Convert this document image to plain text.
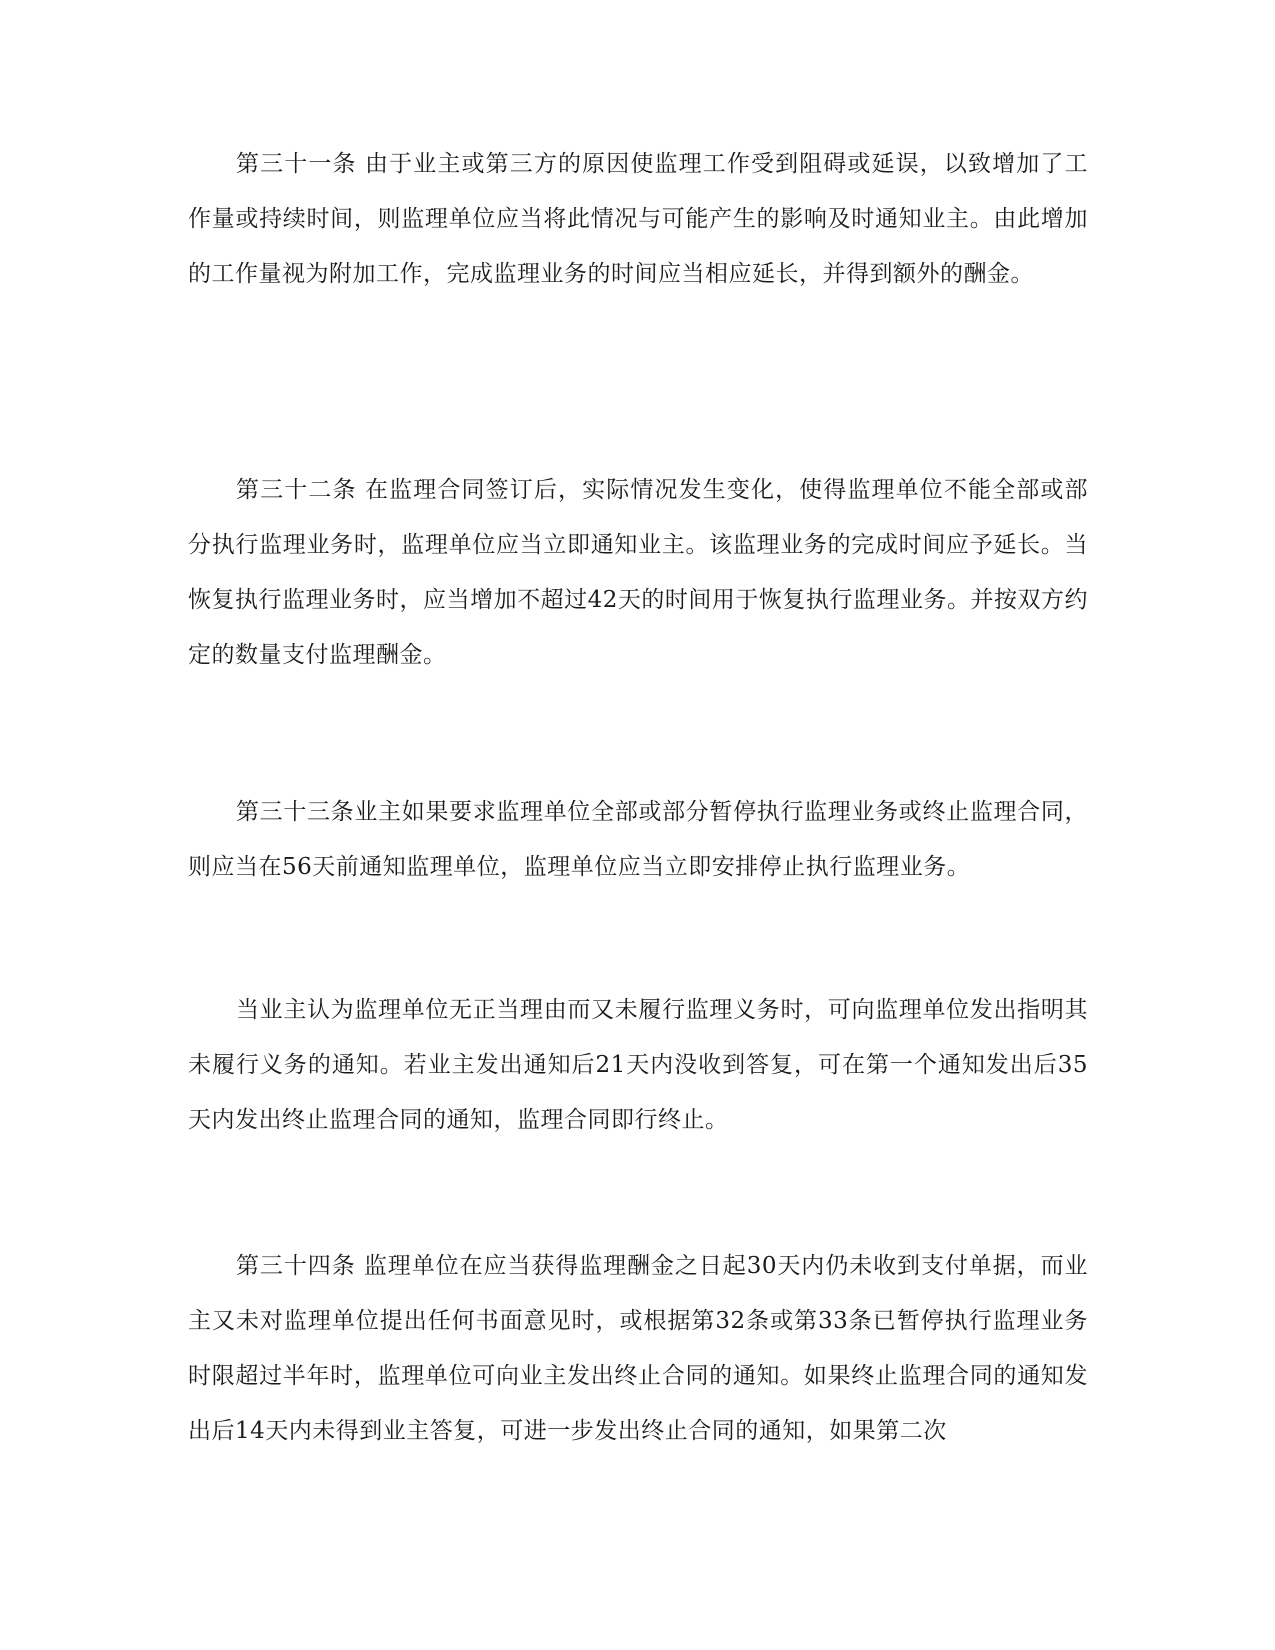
第三十一条 由于业主或第三方的原因使监理工作受到阻碍或延误，以致增加了工作量或持续时间，则监理单位应当将此情况与可能产生的影响及时通知业主。由此增加的工作量视为附加工作，完成监理业务的时间应当相应延长，并得到额外的酬金。

第三十二条 在监理合同签订后，实际情况发生变化，使得监理单位不能全部或部分执行监理业务时，监理单位应当立即通知业主。该监理业务的完成时间应予延长。当恢复执行监理业务时，应当增加不超过42天的时间用于恢复执行监理业务。并按双方约定的数量支付监理酬金。

第三十三条业主如果要求监理单位全部或部分暂停执行监理业务或终止监理合同，则应当在56天前通知监理单位，监理单位应当立即安排停止执行监理业务。

当业主认为监理单位无正当理由而又未履行监理义务时，可向监理单位发出指明其未履行义务的通知。若业主发出通知后21天内没收到答复，可在第一个通知发出后35天内发出终止监理合同的通知，监理合同即行终止。

第三十四条 监理单位在应当获得监理酬金之日起30天内仍未收到支付单据，而业主又未对监理单位提出任何书面意见时，或根据第32条或第33条已暂停执行监理业务时限超过半年时，监理单位可向业主发出终止合同的通知。如果终止监理合同的通知发出后14天内未得到业主答复，可进一步发出终止合同的通知，如果第二次
